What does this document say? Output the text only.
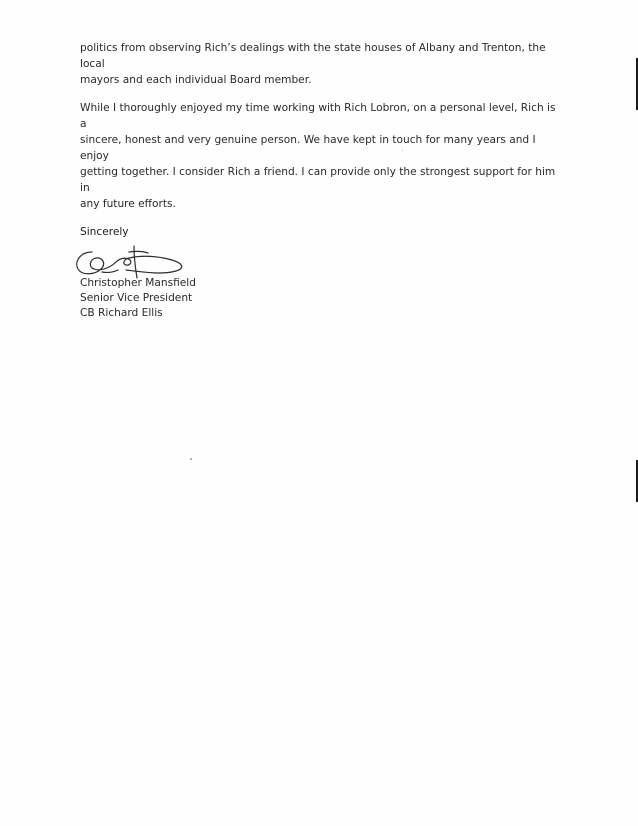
politics from observing Rich’s dealings with the state houses of Albany and Trenton, the local
mayors and each individual Board member.

While I thoroughly enjoyed my time working with Rich Lobron, on a personal level, Rich is a
sincere, honest and very genuine person. We have kept in touch for many years and I enjoy
getting together. I consider Rich a friend. I can provide only the strongest support for him in
any future efforts.

Sincerely
Christopher Mansfield
Senior Vice President
CB Richard Ellis
